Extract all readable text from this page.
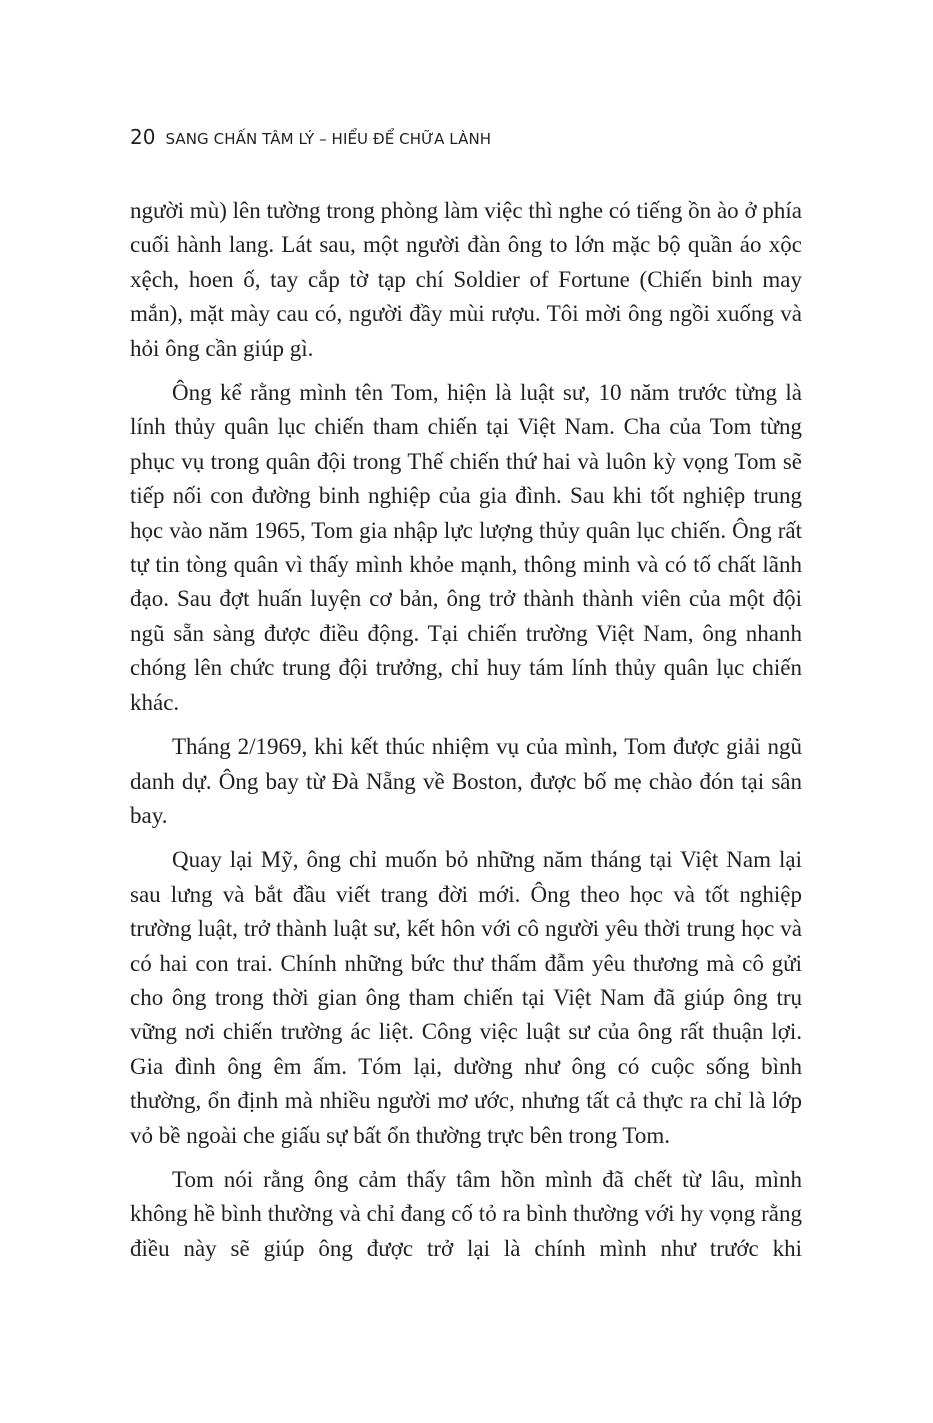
20 SANG CHẤN TÂM LÝ – HIỂU ĐỂ CHỮA LÀNH

người mù) lên tường trong phòng làm việc thì nghe có tiếng ồn ào ở phía cuối hành lang. Lát sau, một người đàn ông to lớn mặc bộ quần áo xộc xệch, hoen ố, tay cắp tờ tạp chí Soldier of Fortune (Chiến binh may mắn), mặt mày cau có, người đầy mùi rượu. Tôi mời ông ngồi xuống và hỏi ông cần giúp gì.

Ông kể rằng mình tên Tom, hiện là luật sư, 10 năm trước từng là lính thủy quân lục chiến tham chiến tại Việt Nam. Cha của Tom từng phục vụ trong quân đội trong Thế chiến thứ hai và luôn kỳ vọng Tom sẽ tiếp nối con đường binh nghiệp của gia đình. Sau khi tốt nghiệp trung học vào năm 1965, Tom gia nhập lực lượng thủy quân lục chiến. Ông rất tự tin tòng quân vì thấy mình khỏe mạnh, thông minh và có tố chất lãnh đạo. Sau đợt huấn luyện cơ bản, ông trở thành thành viên của một đội ngũ sẵn sàng được điều động. Tại chiến trường Việt Nam, ông nhanh chóng lên chức trung đội trưởng, chỉ huy tám lính thủy quân lục chiến khác.

Tháng 2/1969, khi kết thúc nhiệm vụ của mình, Tom được giải ngũ danh dự. Ông bay từ Đà Nẵng về Boston, được bố mẹ chào đón tại sân bay.

Quay lại Mỹ, ông chỉ muốn bỏ những năm tháng tại Việt Nam lại sau lưng và bắt đầu viết trang đời mới. Ông theo học và tốt nghiệp trường luật, trở thành luật sư, kết hôn với cô người yêu thời trung học và có hai con trai. Chính những bức thư thấm đẫm yêu thương mà cô gửi cho ông trong thời gian ông tham chiến tại Việt Nam đã giúp ông trụ vững nơi chiến trường ác liệt. Công việc luật sư của ông rất thuận lợi. Gia đình ông êm ấm. Tóm lại, dường như ông có cuộc sống bình thường, ổn định mà nhiều người mơ ước, nhưng tất cả thực ra chỉ là lớp vỏ bề ngoài che giấu sự bất ổn thường trực bên trong Tom.

Tom nói rằng ông cảm thấy tâm hồn mình đã chết từ lâu, mình không hề bình thường và chỉ đang cố tỏ ra bình thường với hy vọng rằng điều này sẽ giúp ông được trở lại là chính mình như trước khi
